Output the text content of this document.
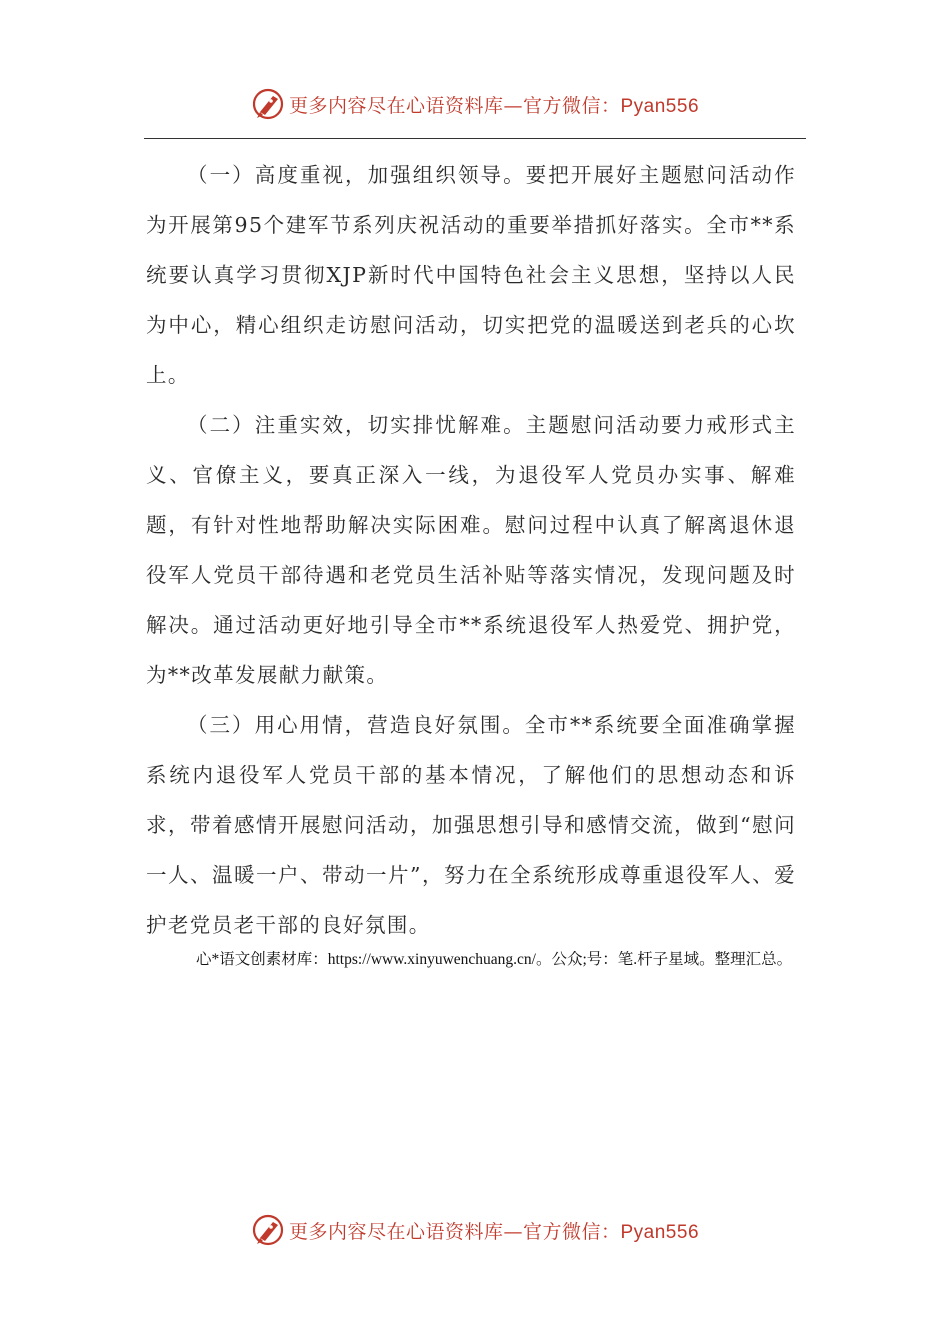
更多内容尽在心语资料库—官方微信：Pyan556

（一）高度重视，加强组织领导。要把开展好主题慰问活动作为开展第95个建军节系列庆祝活动的重要举措抓好落实。全市**系统要认真学习贯彻XJP新时代中国特色社会主义思想，坚持以人民为中心，精心组织走访慰问活动，切实把党的温暖送到老兵的心坎上。

（二）注重实效，切实排忧解难。主题慰问活动要力戒形式主义、官僚主义，要真正深入一线，为退役军人党员办实事、解难题，有针对性地帮助解决实际困难。慰问过程中认真了解离退休退役军人党员干部待遇和老党员生活补贴等落实情况，发现问题及时解决。通过活动更好地引导全市**系统退役军人热爱党、拥护党，为**改革发展献力献策。

（三）用心用情，营造良好氛围。全市**系统要全面准确掌握系统内退役军人党员干部的基本情况，了解他们的思想动态和诉求，带着感情开展慰问活动，加强思想引导和感情交流，做到“慰问一人、温暖一户、带动一片”，努力在全系统形成尊重退役军人、爱护老党员老干部的良好氛围。

心*语文创素材库：https://www.xinyuwenchuang.cn/。公众;号：笔.杆子星域。整理汇总。
更多内容尽在心语资料库—官方微信：Pyan556
